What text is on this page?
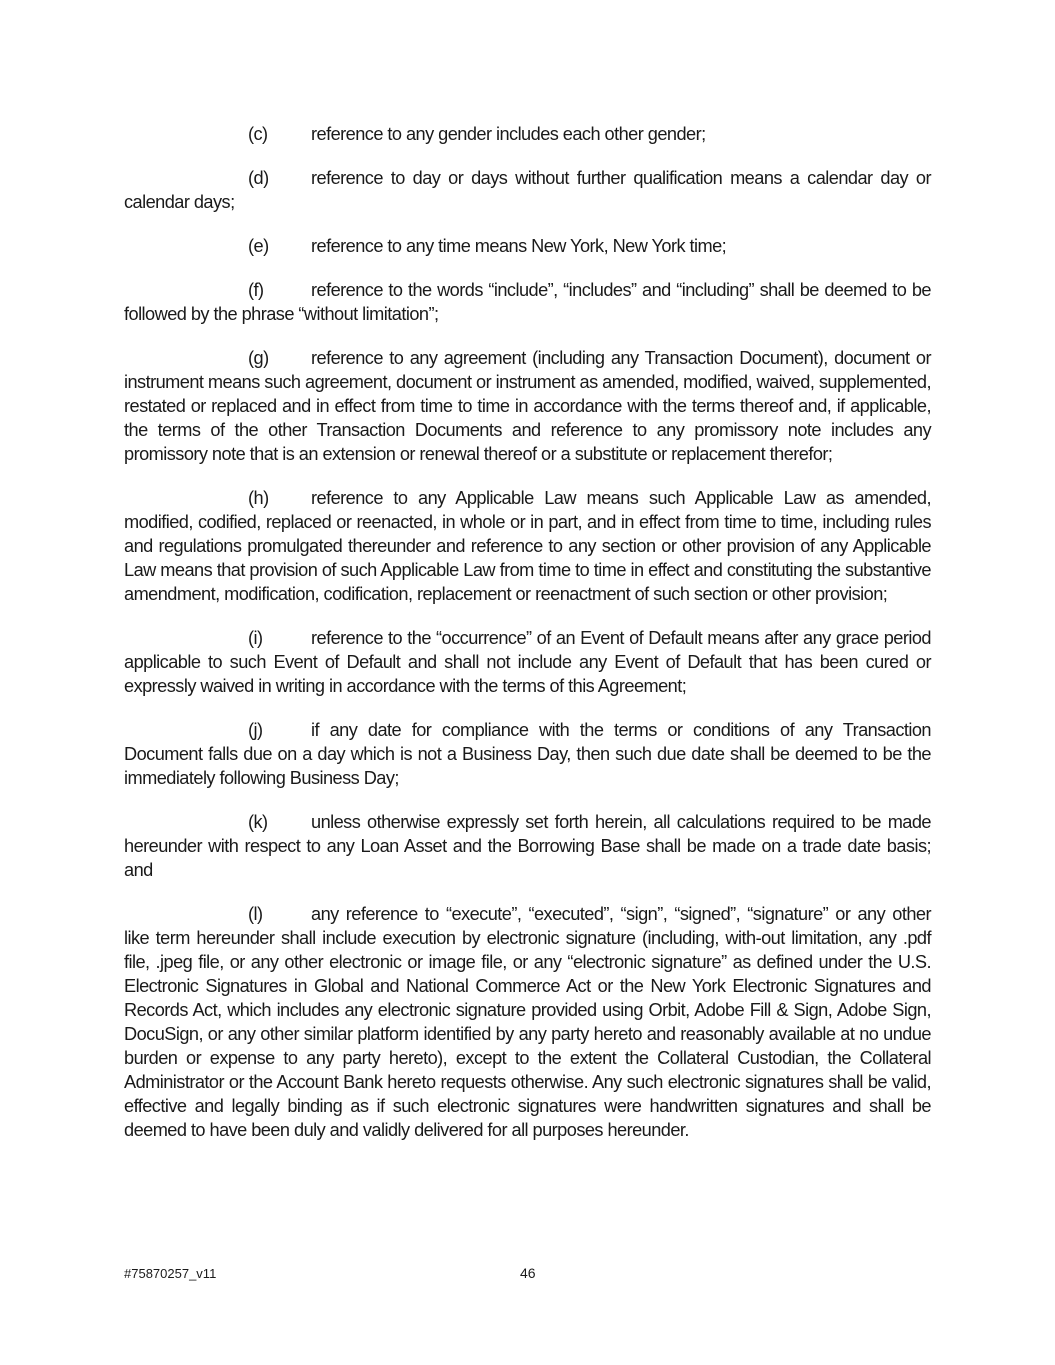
(c) reference to any gender includes each other gender;

(d) reference to day or days without further qualification means a calendar day or calendar days;

(e) reference to any time means New York, New York time;

(f)	reference to the words “include”, “includes” and “including” shall be deemed to be followed by the phrase “without limitation”;

(g) reference to any agreement (including any Transaction Document), document or instrument means such agreement, document or instrument as amended, modified, waived, supplemented, restated or replaced and in effect from time to time in accordance with the terms thereof and, if applicable, the terms of the other Transaction Documents and reference to any promissory note includes any promissory note that is an extension or renewal thereof or a substitute or replacement therefor;

(h) reference to any Applicable Law means such Applicable Law as amended, modified, codified, replaced or reenacted, in whole or in part, and in effect from time to time, including rules and regulations promulgated thereunder and reference to any section or other provision of any Applicable Law means that provision of such Applicable Law from time to time in effect and constituting the substantive amendment, modification, codification, replacement or reenactment of such section or other provision;

(i)	reference to the “occurrence” of an Event of Default means after any grace period applicable to such Event of Default and shall not include any Event of Default that has been cured or expressly waived in writing in accordance with the terms of this Agreement;

(j)	if any date for compliance with the terms or conditions of any Transaction Document falls due on a day which is not a Business Day, then such due date shall be deemed to be the immediately following Business Day;

(k) unless otherwise expressly set forth herein, all calculations required to be made hereunder with respect to any Loan Asset and the Borrowing Base shall be made on a trade date basis; and

(l)	any reference to “execute”, “executed”, “sign”, “signed”, “signature” or any other like term hereunder shall include execution by electronic signature (including, with-out limitation, any .pdf file, .jpeg file, or any other electronic or image file, or any “electronic signature” as defined under the U.S. Electronic Signatures in Global and National Commerce Act or the New York Electronic Signatures and Records Act, which includes any electronic signature provided using Orbit, Adobe Fill & Sign, Adobe Sign, DocuSign, or any other similar platform identified by any party hereto and reasonably available at no undue burden or expense to any party hereto), except to the extent the Collateral Custodian, the Collateral Administrator or the Account Bank hereto requests otherwise. Any such electronic signatures shall be valid, effective and legally binding as if such electronic signatures were handwritten signatures and shall be deemed to have been duly and validly delivered for all purposes hereunder.

#75870257_v11	46
